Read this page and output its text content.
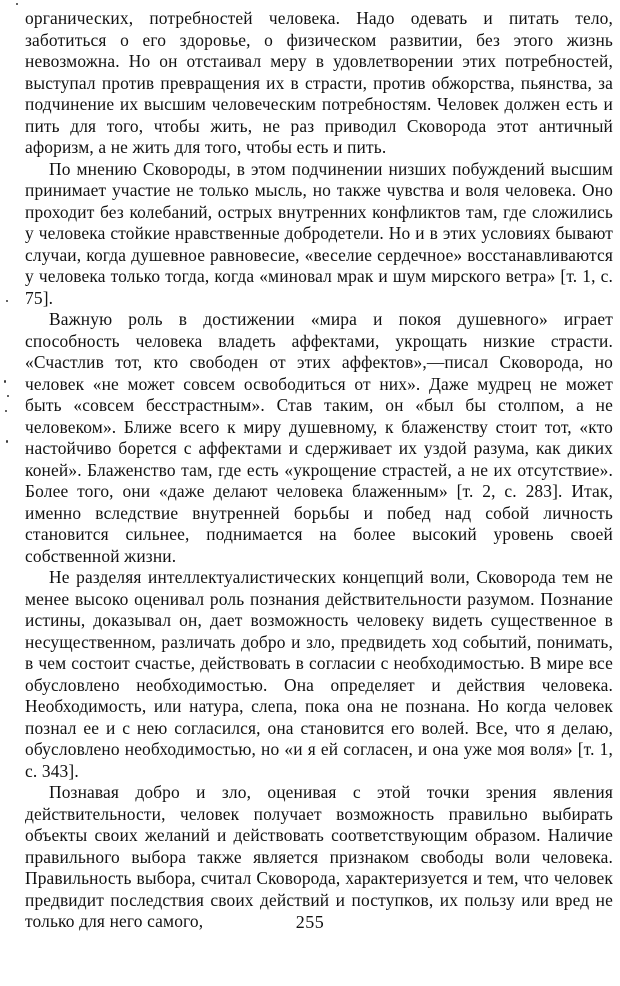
органических, потребностей человека. Надо одевать и питать тело, заботиться о его здоровье, о физическом развитии, без этого жизнь невозможна. Но он отстаивал меру в удовлетворении этих потребностей, выступал против превращения их в страсти, против обжорства, пьянства, за подчинение их высшим человеческим потребностям. Человек должен есть и пить для того, чтобы жить, не раз приводил Сковорода этот античный афоризм, а не жить для того, чтобы есть и пить.

По мнению Сковороды, в этом подчинении низших побуждений высшим принимает участие не только мысль, но также чувства и воля человека. Оно проходит без колебаний, острых внутренних конфликтов там, где сложились у человека стойкие нравственные добродетели. Но и в этих условиях бывают случаи, когда душевное равновесие, «веселие сердечное» восстанавливаются у человека только тогда, когда «миновал мрак и шум мирского ветра» [т. 1, с. 75].

Важную роль в достижении «мира и покоя душевного» играет способность человека владеть аффектами, укрощать низкие страсти. «Счастлив тот, кто свободен от этих аффектов»,—писал Сковорода, но человек «не может совсем освободиться от них». Даже мудрец не может быть «совсем бесстрастным». Став таким, он «был бы столпом, а не человеком». Ближе всего к миру душевному, к блаженству стоит тот, «кто настойчиво борется с аффектами и сдерживает их уздой разума, как диких коней». Блаженство там, где есть «укрощение страстей, а не их отсутствие». Более того, они «даже делают человека блаженным» [т. 2, с. 283]. Итак, именно вследствие внутренней борьбы и побед над собой личность становится сильнее, поднимается на более высокий уровень своей собственной жизни.

Не разделяя интеллектуалистических концепций воли, Сковорода тем не менее высоко оценивал роль познания действительности разумом. Познание истины, доказывал он, дает возможность человеку видеть существенное в несущественном, различать добро и зло, предвидеть ход событий, понимать, в чем состоит счастье, действовать в согласии с необходимостью. В мире все обусловлено необходимостью. Она определяет и действия человека. Необходимость, или натура, слепа, пока она не познана. Но когда человек познал ее и с нею согласился, она становится его волей. Все, что я делаю, обусловлено необходимостью, но «и я ей согласен, и она уже моя воля» [т. 1, с. 343].

Познавая добро и зло, оценивая с этой точки зрения явления действительности, человек получает возможность правильно выбирать объекты своих желаний и действовать соответствующим образом. Наличие правильного выбора также является признаком свободы воли человека. Правильность выбора, считал Сковорода, характеризуется и тем, что человек предвидит последствия своих действий и поступков, их пользу или вред не только для него самого,	255
